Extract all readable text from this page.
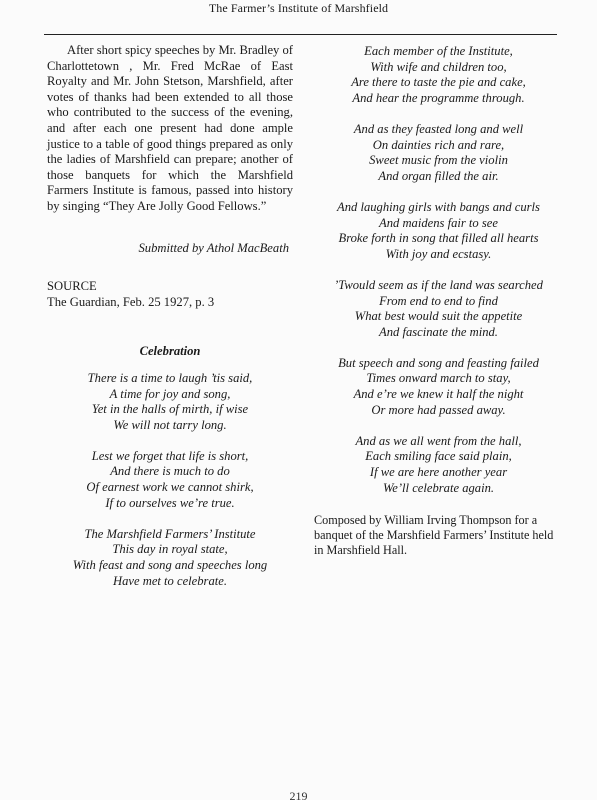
The Farmer’s Institute of Marshfield

After short spicy speeches by Mr. Bradley of Charlottetown , Mr. Fred McRae of East Royalty and Mr. John Stetson, Marshfield, after votes of thanks had been extended to all those who contributed to the success of the evening, and after each one present had done ample justice to a table of good things prepared as only the ladies of Marshfield can prepare; another of those banquets for which the Marshfield Farmers Institute is famous, passed into history by singing “They Are Jolly Good Fellows.”

Submitted by Athol MacBeath

SOURCE

The Guardian, Feb. 25 1927, p. 3

Celebration

There is a time to laugh ’tis said,
A time for joy and song,
Yet in the halls of mirth, if wise
We will not tarry long.
Lest we forget that life is short,
And there is much to do
Of earnest work we cannot shirk,
If to ourselves we’re true.
The Marshfield Farmers’ Institute
This day in royal state,
With feast and song and speeches long
Have met to celebrate.
Each member of the Institute,
With wife and children too,
Are there to taste the pie and cake,
And hear the programme through.
And as they feasted long and well
On dainties rich and rare,
Sweet music from the violin
And organ filled the air.
And laughing girls with bangs and curls
And maidens fair to see
Broke forth in song that filled all hearts
With joy and ecstasy.
’Twould seem as if the land was searched
From end to end to find
What best would suit the appetite
And fascinate the mind.
But speech and song and feasting failed
Times onward march to stay,
And e’re we knew it half the night
Or more had passed away.
And as we all went from the hall,
Each smiling face said plain,
If we are here another year
We’ll celebrate again.

Composed by William Irving Thompson for a banquet of the Marshfield Farmers’ Institute held in Marshfield Hall.

219
